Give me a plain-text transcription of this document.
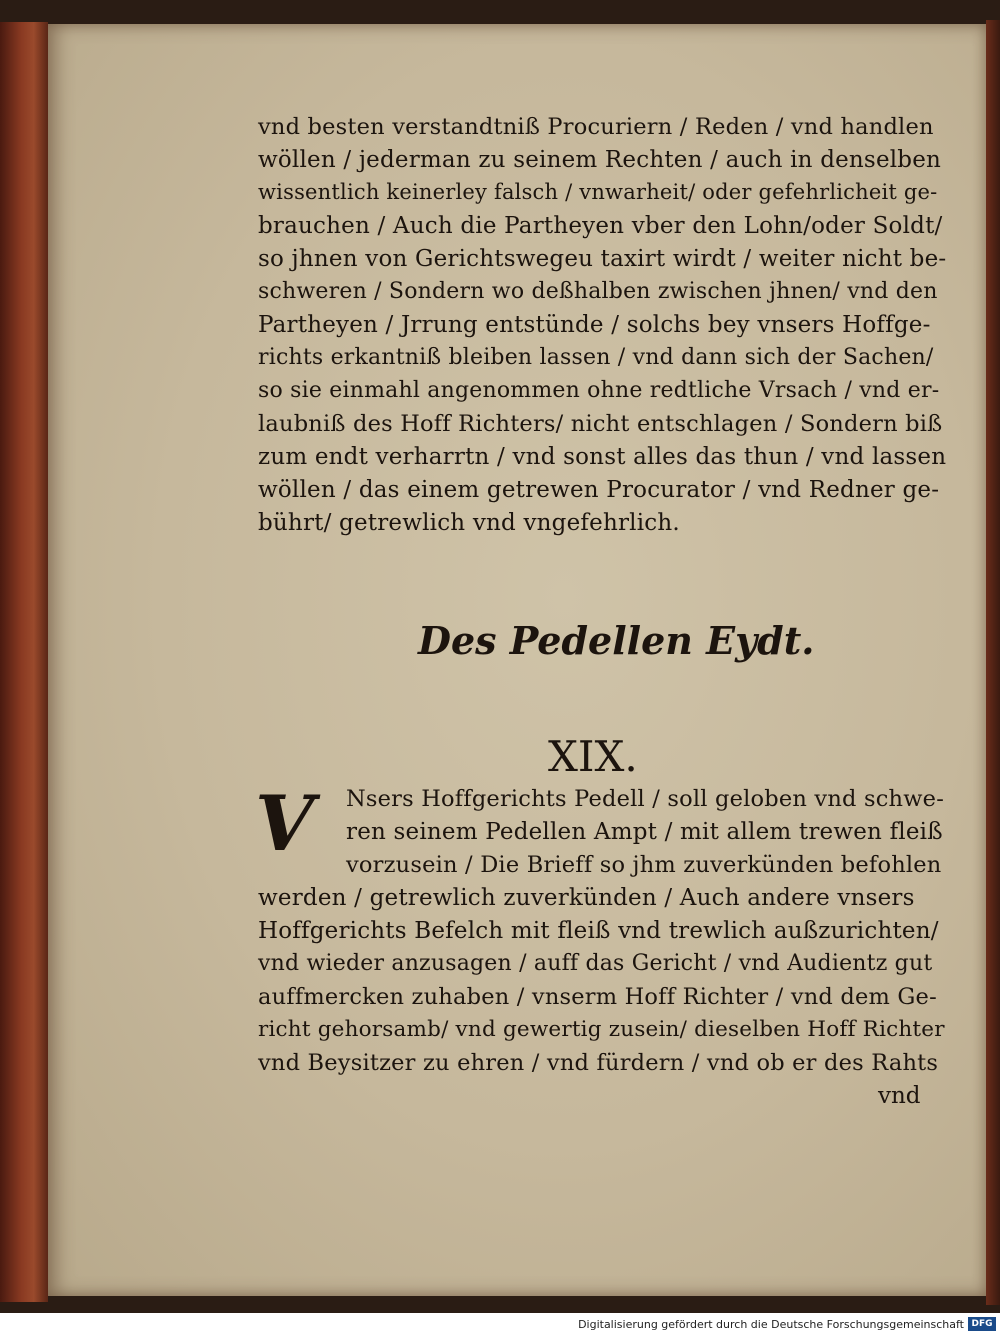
vnd besten verstandtniß Procuriern / Reden / vnd handlen
wöllen / jederman zu seinem Rechten / auch in denselben
wissentlich keinerley falsch / vnwarheit/ oder gefehrlicheit ge-
brauchen / Auch die Partheyen vber den Lohn/oder Soldt/
so jhnen von Gerichtswegeu taxirt wirdt / weiter nicht be-
schweren / Sondern wo deßhalben zwischen jhnen/ vnd den
Partheyen / Jrrung entstünde / solchs bey vnsers Hoffge-
richts erkantniß bleiben lassen / vnd dann sich der Sachen/
so sie einmahl angenommen ohne redtliche Vrsach / vnd er-
laubniß des Hoff Richters/ nicht entschlagen / Sondern biß
zum endt verharrtn / vnd sonst alles das thun / vnd lassen
wöllen / das einem getrewen Procurator / vnd Redner ge-
bührt/ getrewlich vnd vngefehrlich.
Des Pedellen Eydt.
XIX.
V	Nsers Hoffgerichts Pedell / soll geloben vnd schwe-
ren seinem Pedellen Ampt / mit allem trewen fleiß
vorzusein / Die Brieff so jhm zuverkünden befohlen
werden / getrewlich zuverkünden / Auch andere vnsers
Hoffgerichts Befelch mit fleiß vnd trewlich außzurichten/
vnd wieder anzusagen / auff das Gericht / vnd Audientz gut
auffmercken zuhaben / vnserm Hoff Richter / vnd dem Ge-
richt gehorsamb/ vnd gewertig zusein/ dieselben Hoff Richter
vnd Beysitzer zu ehren / vnd fürdern / vnd ob er des Rahts
vnd
Digitalisierung gefördert durch die Deutsche Forschungsgemeinschaft DFG
